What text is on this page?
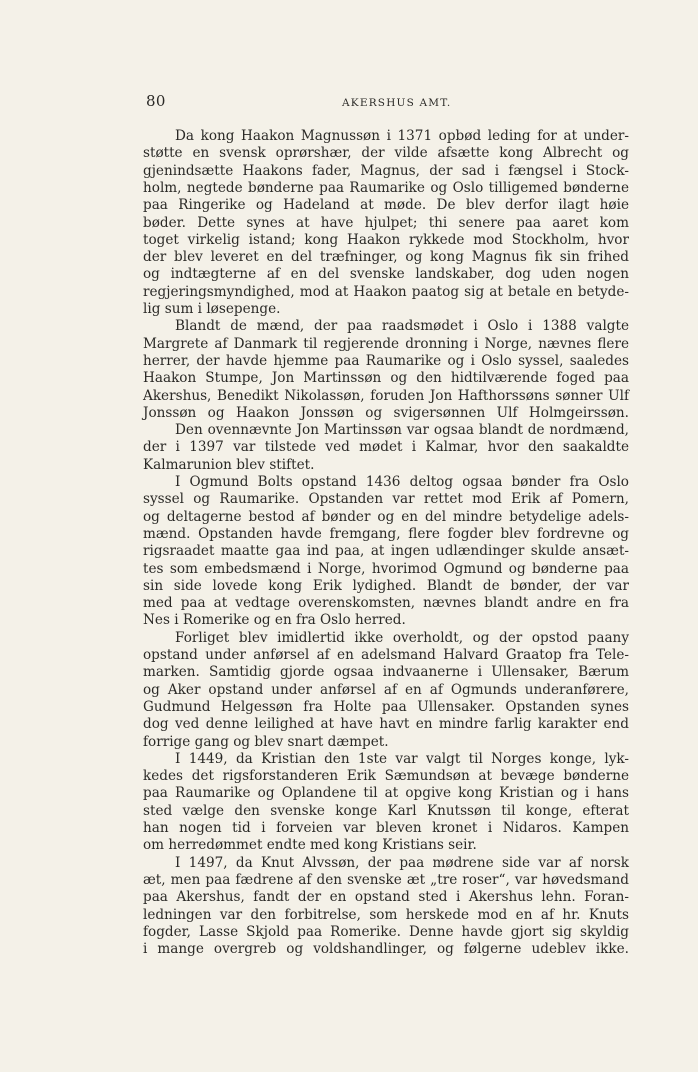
80	AKERSHUS AMT.
Da kong Haakon Magnussøn i 1371 opbød leding for at under-
støtte en svensk oprørshær, der vilde afsætte kong Albrecht og
gjenindsætte Haakons fader, Magnus, der sad i fængsel i Stock-
holm, negtede bønderne paa Raumarike og Oslo tilligemed bønderne
paa Ringerike og Hadeland at møde. De blev derfor ilagt høie
bøder. Dette synes at have hjulpet; thi senere paa aaret kom
toget virkelig istand; kong Haakon rykkede mod Stockholm, hvor
der blev leveret en del træfninger, og kong Magnus fik sin frihed
og indtægterne af en del svenske landskaber, dog uden nogen
regjeringsmyndighed, mod at Haakon paatog sig at betale en betyde-
lig sum i løsepenge.
Blandt de mænd, der paa raadsmødet i Oslo i 1388 valgte
Margrete af Danmark til regjerende dronning i Norge, nævnes flere
herrer, der havde hjemme paa Raumarike og i Oslo syssel, saaledes
Haakon Stumpe, Jon Martinssøn og den hidtilværende foged paa
Akershus, Benedikt Nikolassøn, foruden Jon Hafthorssøns sønner Ulf
Jonssøn og Haakon Jonssøn og svigersønnen Ulf Holmgeirssøn.
Den ovennævnte Jon Martinssøn var ogsaa blandt de nordmænd,
der i 1397 var tilstede ved mødet i Kalmar, hvor den saakaldte
Kalmarunion blev stiftet.
I Ogmund Bolts opstand 1436 deltog ogsaa bønder fra Oslo
syssel og Raumarike. Opstanden var rettet mod Erik af Pomern,
og deltagerne bestod af bønder og en del mindre betydelige adels-
mænd. Opstanden havde fremgang, flere fogder blev fordrevne og
rigsraadet maatte gaa ind paa, at ingen udlændinger skulde ansæt-
tes som embedsmænd i Norge, hvorimod Ogmund og bønderne paa
sin side lovede kong Erik lydighed. Blandt de bønder, der var
med paa at vedtage overenskomsten, nævnes blandt andre en fra
Nes i Romerike og en fra Oslo herred.
Forliget blev imidlertid ikke overholdt, og der opstod paany
opstand under anførsel af en adelsmand Halvard Graatop fra Tele-
marken. Samtidig gjorde ogsaa indvaanerne i Ullensaker, Bærum
og Aker opstand under anførsel af en af Ogmunds underanførere,
Gudmund Helgessøn fra Holte paa Ullensaker. Opstanden synes
dog ved denne leilighed at have havt en mindre farlig karakter end
forrige gang og blev snart dæmpet.
I 1449, da Kristian den 1ste var valgt til Norges konge, lyk-
kedes det rigsforstanderen Erik Sæmundsøn at bevæge bønderne
paa Raumarike og Oplandene til at opgive kong Kristian og i hans
sted vælge den svenske konge Karl Knutssøn til konge, efterat
han nogen tid i forveien var bleven kronet i Nidaros. Kampen
om herredømmet endte med kong Kristians seir.
I 1497, da Knut Alvssøn, der paa mødrene side var af norsk
æt, men paa fædrene af den svenske æt „tre roser“, var høvedsmand
paa Akershus, fandt der en opstand sted i Akershus lehn. Foran-
ledningen var den forbitrelse, som herskede mod en af hr. Knuts
fogder, Lasse Skjold paa Romerike. Denne havde gjort sig skyldig
i mange overgreb og voldshandlinger, og følgerne udeblev ikke.
